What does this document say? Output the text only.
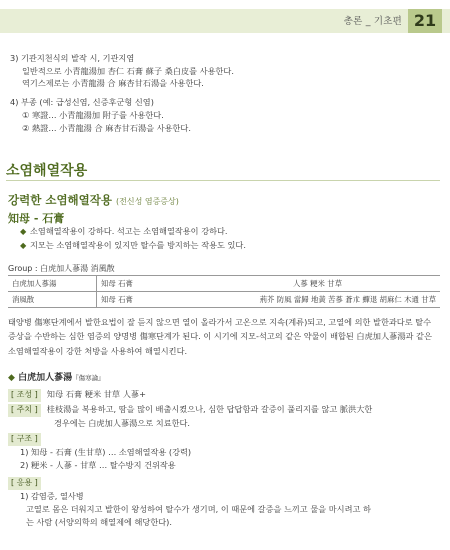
총론 _ 기초편 21
3) 기관지천식의 발작 시, 기관지염
일반적으로 小青龍湯加 杏仁 石膏 蘇子 桑白皮를 사용한다.
역기스제로는 小青龍湯 合 麻杏甘石湯을 사용한다.
4) 부종 (예: 급성신염, 신증후군형 신염)
① 寒證… 小青龍湯加 附子를 사용한다.
② 熱證… 小青龍湯 合 麻杏甘石湯을 사용한다.
소염해열작용
강력한 소염해열작용 (전신성 염증증상)
知母 - 石膏
◆ 소염해열작용이 강하다. 석고는 소염해열작용이 강하다.
◆ 지모는 소염해열작용이 있지만 탈수를 방지하는 작용도 있다.
Group : 白虎加人蔘湯 消風散
白虎加人蔘湯	知母 石膏	人蔘 粳米 甘草
消風散	知母 石膏	荊芥 防風 當歸 地黃 苦蔘 蒼朮 蟬退 胡麻仁 木通 甘草
태양병 傷寒단계에서 발한요법이 잘 듣지 않으면 열이 올라가서 고온으로 지속(계류)되고, 고열에 의한 발한과다로 탈수증상을 수반하는 심한 염증의 양명병 傷寒단계가 된다. 이 시기에 지모-석고의 같은 약물이 배합된 白虎加人蔘湯과 같은 소염해열작용이 강한 처방을 사용하여 해열시킨다.
◆ 白虎加人蔘湯『傷寒論』
[ 조성 ] 知母 石膏 粳米 甘草 人蔘+
[ 주치 ] 桂枝湯을 복용하고, 땀을 많이 배출시켰으나, 심한 답답함과 갈증이 풀리지를 않고 脈洪大한
경우에는 白虎加人蔘湯으로 치료한다.
[ 구조 ]
1) 知母 - 石膏 (生甘草) … 소염해열작용 (강력)
2) 粳米 - 人蔘 - 甘草 … 탈수방지 건위작용
[ 응용 ]
1) 감염증, 열사병
고열로 몸은 더워지고 발한이 왕성하여 탈수가 생기며, 이 때문에 갈증을 느끼고 물을 마시려고 하
는 사람 (서양의학의 해열제에 해당한다).
